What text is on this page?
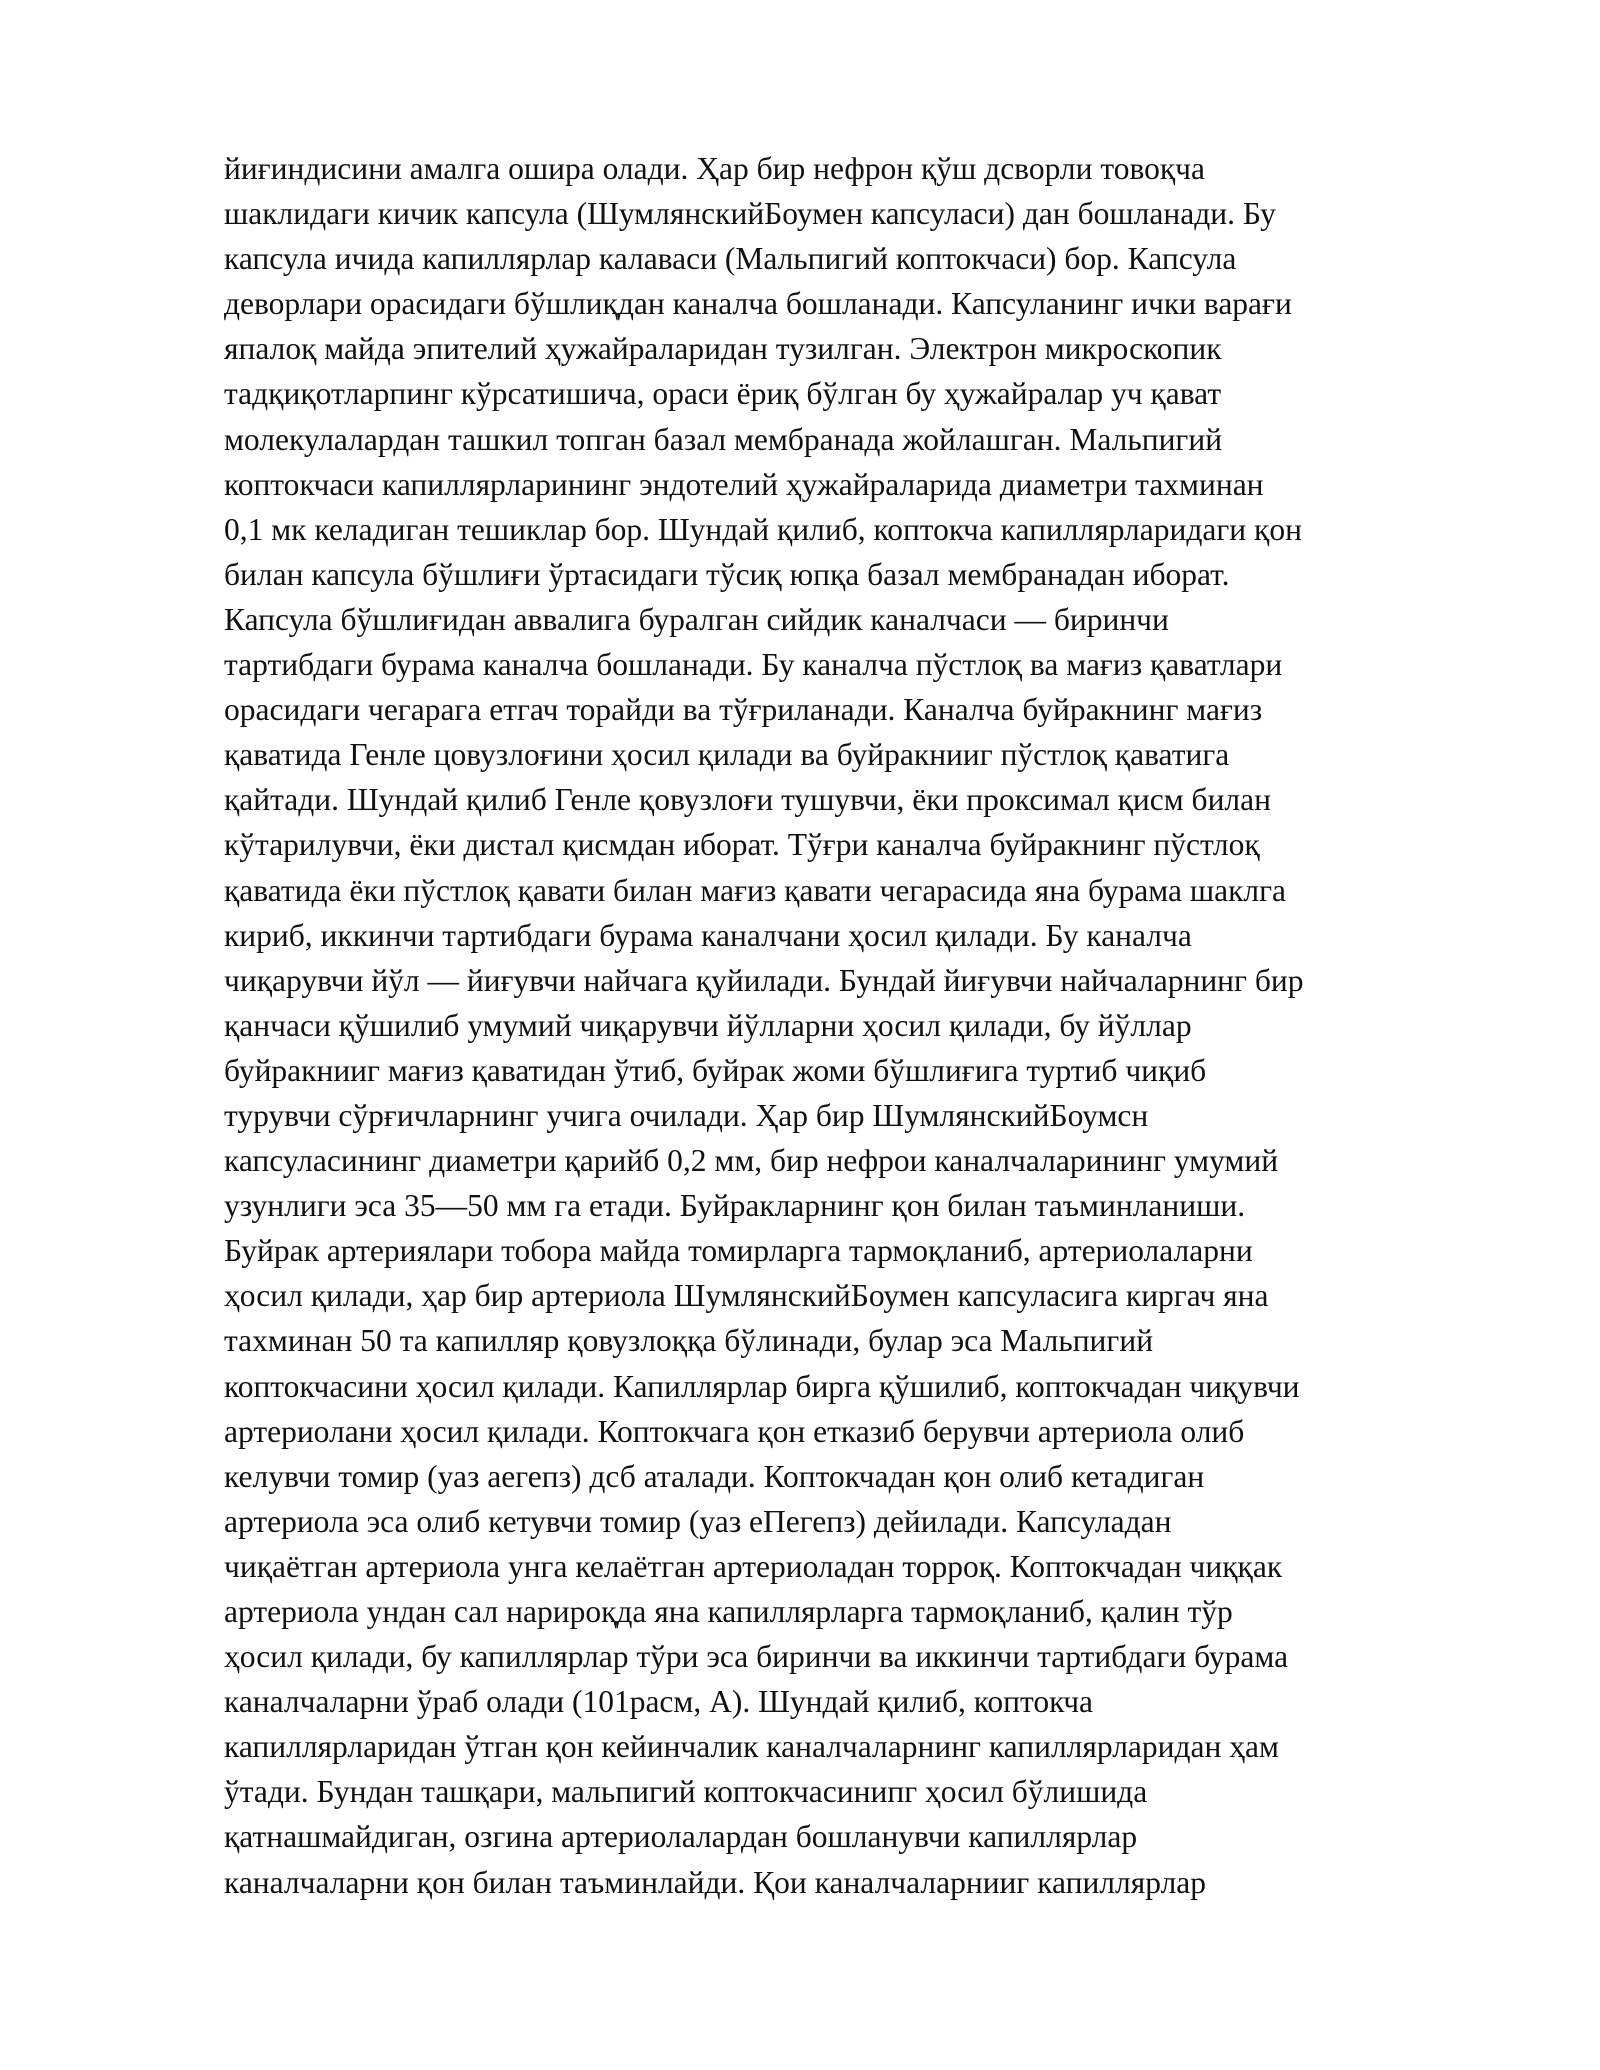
йиғиндисини амалга ошира олади. Ҳар бир нефрон қўш дсворли товоқча
шаклидаги кичик капсула (ШумлянскийБоумен капсуласи) дан бошланади. Бу
капсула ичида капиллярлар калаваси (Мальпигий коптокчаси) бор. Капсула
деворлари орасидаги бўшлиқдан каналча бошланади. Капсуланинг ички варағи
япалоқ майда эпителий ҳужайраларидан тузилган. Электрон микроскопик
тадқиқотларпинг кўрсатишича, ораси ёриқ бўлган бу ҳужайралар уч қават
молекулалардан ташкил топган базал мембранада жойлашган. Мальпигий
коптокчаси капиллярларининг эндотелий ҳужайраларида диаметри тахминан
0,1 мк келадиган тешиклар бор. Шундай қилиб, коптокча капиллярларидаги қон
билан капсула бўшлиғи ўртасидаги тўсиқ юпқа базал мембранадан иборат.
Капсула бўшлиғидан аввалига буралган сийдик каналчаси — биринчи
тартибдаги бурама каналча бошланади. Бу каналча пўстлоқ ва мағиз қаватлари
орасидаги чегарага етгач торайди ва тўғриланади. Каналча буйракнинг мағиз
қаватида Генле цовузлоғини ҳосил қилади ва буйракнииг пўстлоқ қаватига
қайтади. Шундай қилиб Генле қовузлоғи тушувчи, ёки проксимал қисм билан
кўтарилувчи, ёки дистал қисмдан иборат. Тўғри каналча буйракнинг пўстлоқ
қаватида ёки пўстлоқ қавати билан мағиз қавати чегарасида яна бурама шаклга
кириб, иккинчи тартибдаги бурама каналчани ҳосил қилади. Бу каналча
чиқарувчи йўл — йиғувчи найчага қуйилади. Бундай йиғувчи найчаларнинг бир
қанчаси қўшилиб умумий чиқарувчи йўлларни ҳосил қилади, бу йўллар
буйракнииг мағиз қаватидан ўтиб, буйрак жоми бўшлиғига туртиб чиқиб
турувчи сўрғичларнинг учига очилади. Ҳар бир ШумлянскийБоумсн
капсуласининг диаметри қарийб 0,2 мм, бир нефрои каналчаларининг умумий
узунлиги эса 35—50 мм га етади. Буйракларнинг қон билан таъминланиши.
Буйрак артериялари тобора майда томирларга тармоқланиб, артериолаларни
ҳосил қилади, ҳар бир артериола ШумлянскийБоумен капсуласига киргач яна
тахминан 50 та капилляр қовузлоққа бўлинади, булар эса Мальпигий
коптокчасини ҳосил қилади. Капиллярлар бирга қўшилиб, коптокчадан чиқувчи
артериолани ҳосил қилади. Коптокчага қон етказиб берувчи артериола олиб
келувчи томир (уаз аегепз) дсб аталади. Коптокчадан қон олиб кетадиган
артериола эса олиб кетувчи томир (уаз еПегепз) дейилади. Капсуладан
чиқаётган артериола унга келаётган артериоладан торроқ. Коптокчадан чиққак
артериола ундан сал нарироқда яна капиллярларга тармоқланиб, қалин тўр
ҳосил қилади, бу капиллярлар тўри эса биринчи ва иккинчи тартибдаги бурама
каналчаларни ўраб олади (101расм, А). Шундай қилиб, коптокча
капиллярларидан ўтган қон кейинчалик каналчаларнинг капиллярларидан ҳам
ўтади. Бундан ташқари, мальпигий коптокчасинипг ҳосил бўлишида
қатнашмайдиган, озгина артериолалардан бошланувчи капиллярлар
каналчаларни қон билан таъминлайди. Қои каналчаларнииг капиллярлар
